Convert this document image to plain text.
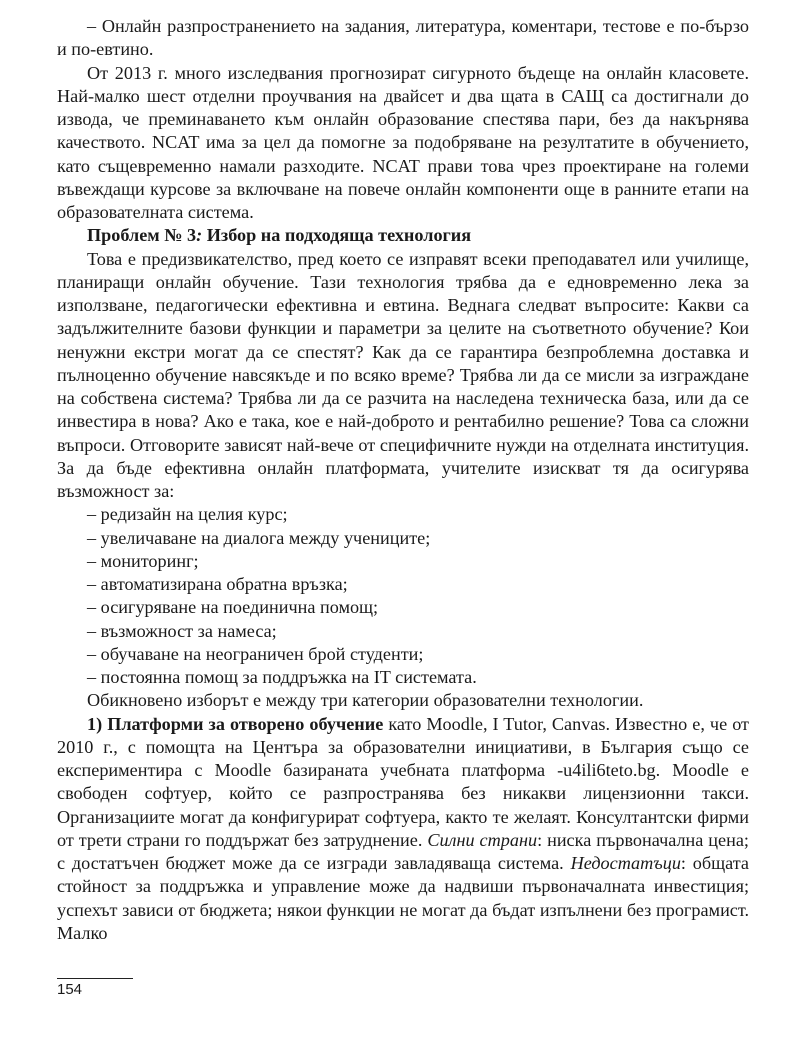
– Онлайн разпространението на задания, литература, коментари, тестове е по-бързо и по-евтино.

От 2013 г. много изследвания прогнозират сигурното бъдеще на онлайн класовете. Най-малко шест отделни проучвания на двайсет и два щата в САЩ са достигнали до извода, че преминаването към онлайн образование спестява пари, без да накърнява качеството. NCAT има за цел да помогне за подобряване на резултатите в обучението, като същевременно намали разходите. NCAT прави това чрез проектиране на големи въвеждащи курсове за включване на повече онлайн компоненти още в ранните етапи на образователната система.

Проблем № 3: Избор на подходяща технология

Това е предизвикателство, пред което се изправят всеки преподавател или училище, планиращи онлайн обучение. Тази технология трябва да е едновременно лека за използване, педагогически ефективна и евтина. Веднага следват въпросите: Какви са задължителните базови функции и параметри за целите на съответното обучение? Кои ненужни екстри могат да се спестят? Как да се гарантира безпроблемна доставка и пълноценно обучение навсякъде и по всяко време? Трябва ли да се мисли за изграждане на собствена система? Трябва ли да се разчита на наследена техническа база, или да се инвестира в нова? Ако е така, кое е най-доброто и рентабилно решение? Това са сложни въпроси. Отговорите зависят най-вече от специфичните нужди на отделната институция. За да бъде ефективна онлайн платформата, учителите изискват тя да осигурява възможност за:

– редизайн на целия курс;
– увеличаване на диалога между учениците;
– мониторинг;
– автоматизирана обратна връзка;
– осигуряване на поединична помощ;
– възможност за намеса;
– обучаване на неограничен брой студенти;
– постоянна помощ за поддръжка на IT системата.

Обикновено изборът е между три категории образователни технологии.

1) Платформи за отворено обучение като Moodle, I Tutor, Canvas. Известно е, че от 2010 г., с помощта на Центъра за образователни инициативи, в България също се експериментира с Moodle базираната учебната платформа -u4ili6teto.bg. Moodle е свободен софтуер, който се разпространява без никакви лицензионни такси. Организациите могат да конфигурират софтуера, както те желаят. Консултантски фирми от трети страни го поддържат без затруднение. Силни страни: ниска първоначална цена; с достатъчен бюджет може да се изгради завладяваща система. Недостатъци: общата стойност за поддръжка и управление може да надвиши първоначалната инвестиция; успехът зависи от бюджета; някои функции не могат да бъдат изпълнени без програмист. Малко

154
